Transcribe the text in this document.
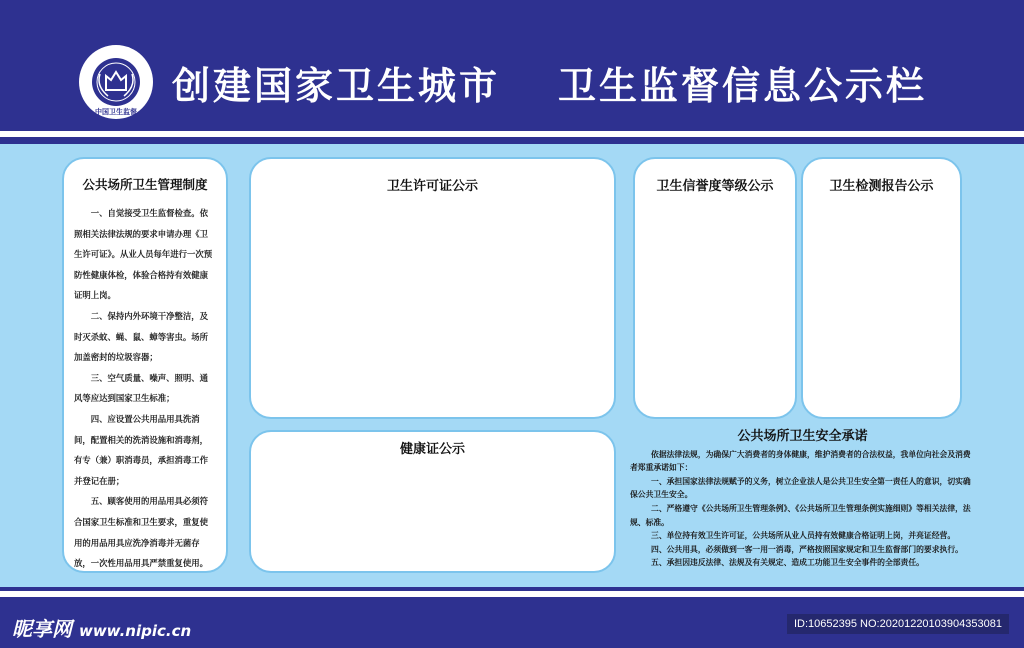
中国卫生监督
创建国家卫生城市 卫生监督信息公示栏
公共场所卫生管理制度

一、自觉接受卫生监督检查。依照相关法律法规的要求申请办理《卫生许可证》。从业人员每年进行一次预防性健康体检，体验合格持有效健康证明上岗。

二、保持内外环境干净整洁，及时灭杀蚊、蝇、鼠、蟑等害虫。场所加盖密封的垃圾容器；

三、空气质量、噪声、照明、通风等应达到国家卫生标准；

四、应设置公共用品用具洗消间，配置相关的洗消设施和消毒剂，有专（兼）职消毒员，承担消毒工作并登记在册；

五、顾客使用的用品用具必须符合国家卫生标准和卫生要求，重复使用的用品用具应洗净消毒并无菌存放，一次性用品用具严禁重复使用。

卫生许可证公示
健康证公示
卫生信誉度等级公示	卫生检测报告公示
公共场所卫生安全承诺

依据法律法规，为确保广大消费者的身体健康，维护消费者的合法权益，我单位向社会及消费者郑重承诺如下：

一、承担国家法律法规赋予的义务，树立企业法人是公共卫生安全第一责任人的意识，切实确保公共卫生安全。

二、严格遵守《公共场所卫生管理条例》、《公共场所卫生管理条例实施细则》等相关法律，法规、标准。

三、单位持有效卫生许可证，公共场所从业人员持有效健康合格证明上岗，并亮证经营。

四、公共用具，必须做到一客一用一消毒，严格按照国家规定和卫生监督部门的要求执行。

五、承担因违反法律、法规及有关规定、造成工功能卫生安全事件的全部责任。

昵享网 www.nipic.cn	ID:10652395 NO:20201220103904353081
